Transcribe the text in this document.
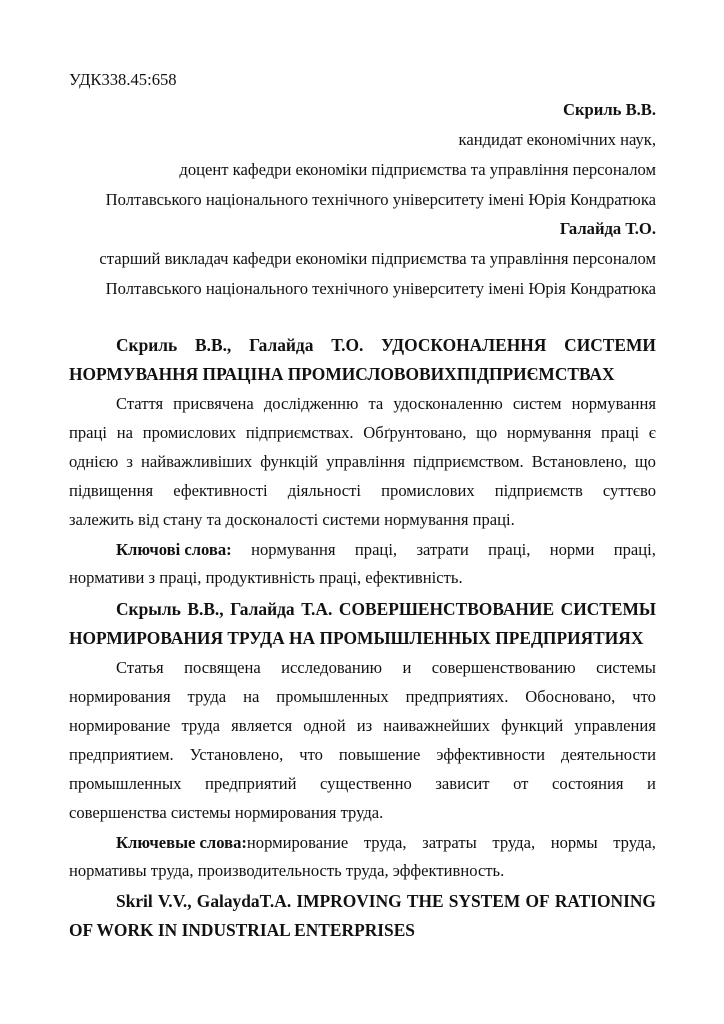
УДК338.45:658
Скриль В.В.
кандидат економічних наук,
доцент кафедри економіки підприємства та управління персоналом
Полтавського національного технічного університету імені Юрія Кондратюка
Галайда Т.О.
старший викладач кафедри економіки підприємства та управління персоналом
Полтавського національного технічного університету імені Юрія Кондратюка
Скриль В.В., Галайда Т.О. УДОСКОНАЛЕННЯ СИСТЕМИ
НОРМУВАННЯ ПРАЦІНА ПРОМИСЛОВОВИХПІДПРИЄМСТВАХ
Стаття присвячена дослідженню та удосконаленню систем нормування
праці на промислових підприємствах. Обґрунтовано, що нормування праці є
однією з найважливіших функцій управління підприємством. Встановлено, що
підвищення ефективності діяльності промислових підприємств суттєво
залежить від стану та досконалості системи нормування праці.
Ключові слова: нормування праці, затрати праці, норми праці,
нормативи з праці, продуктивність праці, ефективність.
Скрыль В.В., Галайда Т.А. СОВЕРШЕНСТВОВАНИЕ СИСТЕМЫ
НОРМИРОВАНИЯ ТРУДА НА ПРОМЫШЛЕННЫХ ПРЕДПРИЯТИЯХ
Статья посвящена исследованию и совершенствованию системы
нормирования труда на промышленных предприятиях. Обосновано, что
нормирование труда является одной из наиважнейших функций управления
предприятием. Установлено, что повышение эффективности деятельности
промышленных предприятий существенно зависит от состояния и
совершенства системы нормирования труда.
Ключевые слова:нормирование труда, затраты труда, нормы труда,
нормативы труда, производительность труда, эффективность.
Skril V.V., GalaydaT.A. IMPROVING THE SYSTEM OF RATIONING
OF WORK IN INDUSTRIAL ENTERPRISES
